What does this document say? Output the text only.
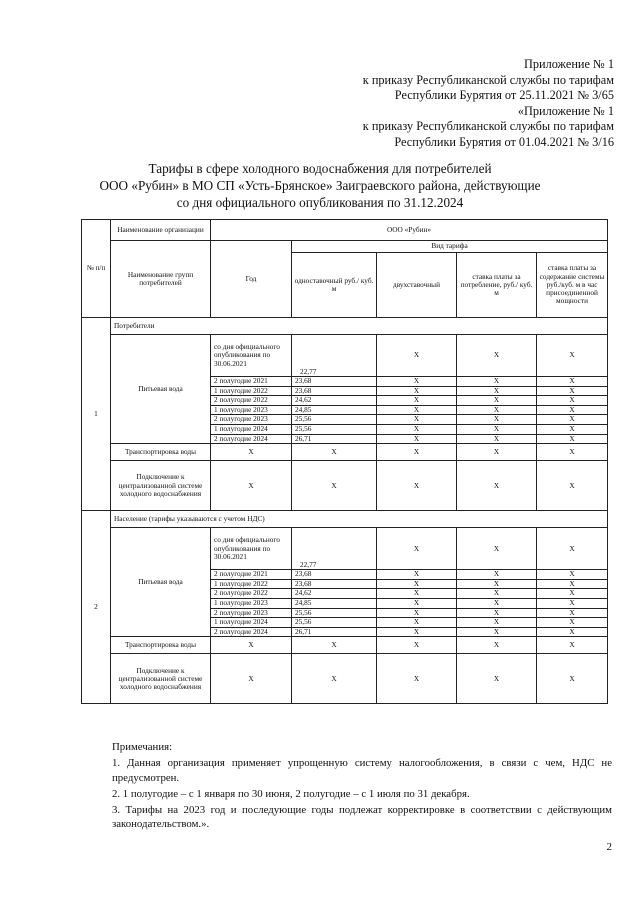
Приложение № 1
к приказу Республиканской службы по тарифам
Республики Бурятия от 25.11.2021 № 3/65
«Приложение № 1
к приказу Республиканской службы по тарифам
Республики Бурятия от 01.04.2021 № 3/16
Тарифы в сфере холодного водоснабжения для потребителей
ООО «Рубин» в МО СП «Усть-Брянское» Заиграевского района, действующие
со дня официального опубликования по 31.12.2024
№ п/п	Наименование организации	ООО «Рубин»				
	Наименование групп потребителей	Год	Вид тарифа			
			одноставочный руб./ куб. м	двухставочный	ставка платы за потребление, руб./ куб. м	ставка платы за содержание системы руб./куб. м в час присоединенной мощности
1	Потребители					
	Питьевая вода	со дня официального опубликования по 30.06.2021	22,77	Х	Х	Х
		2 полугодие 2021	23,68	Х	Х	Х
		1 полугодие 2022	23,68	Х	Х	Х
		2 полугодие 2022	24,62	Х	Х	Х
		1 полугодие 2023	24,85	Х	Х	Х
		2 полугодие 2023	25,56	Х	Х	Х
		1 полугодие 2024	25,56	Х	Х	Х
		2 полугодие 2024	26,71	Х	Х	Х
	Транспортировка воды	Х	Х	Х	Х	Х
	Подключение к централизованной системе холодного водоснабжения	Х	Х	Х	Х	Х
2	Население (тарифы указываются с учетом НДС)					
	Питьевая вода	со дня официального опубликования по 30.06.2021	22,77	Х	Х	Х
		2 полугодие 2021	23,68	Х	Х	Х
		1 полугодие 2022	23,68	Х	Х	Х
		2 полугодие 2022	24,62	Х	Х	Х
		1 полугодие 2023	24,85	Х	Х	Х
		2 полугодие 2023	25,56	Х	Х	Х
		1 полугодие 2024	25,56	Х	Х	Х
		2 полугодие 2024	26,71	Х	Х	Х
	Транспортировка воды	Х	Х	Х	Х	Х
	Подключение к централизованной системе холодного водоснабжения	Х	Х	Х	Х	Х
Примечания:
1. Данная организация применяет упрощенную систему налогообложения, в связи с чем, НДС не предусмотрен.
2. 1 полугодие – с 1 января по 30 июня, 2 полугодие – с 1 июля по 31 декабря.
3. Тарифы на 2023 год и последующие годы подлежат корректировке в соответствии с действующим законодательством.».
2
